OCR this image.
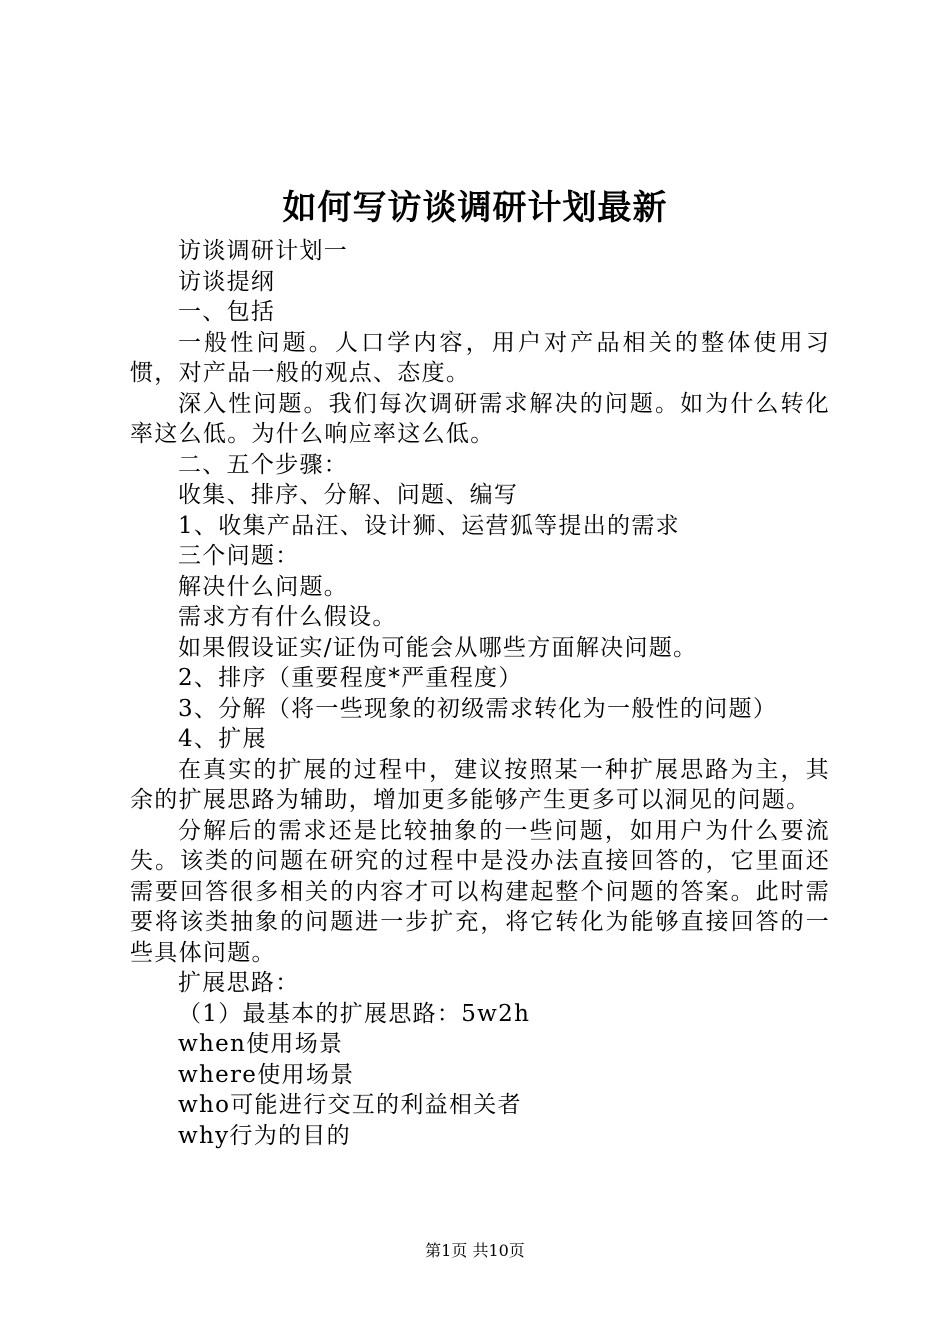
如何写访谈调研计划最新

访谈调研计划一

访谈提纲

一、包括

一般性问题。人口学内容，用户对产品相关的整体使用习惯，对产品一般的观点、态度。

深入性问题。我们每次调研需求解决的问题。如为什么转化率这么低。为什么响应率这么低。

二、五个步骤：

收集、排序、分解、问题、编写

1、收集产品汪、设计狮、运营狐等提出的需求

三个问题：

解决什么问题。

需求方有什么假设。

如果假设证实/证伪可能会从哪些方面解决问题。

2、排序（重要程度*严重程度）

3、分解（将一些现象的初级需求转化为一般性的问题）

4、扩展

在真实的扩展的过程中，建议按照某一种扩展思路为主，其余的扩展思路为辅助，增加更多能够产生更多可以洞见的问题。

分解后的需求还是比较抽象的一些问题，如用户为什么要流失。该类的问题在研究的过程中是没办法直接回答的，它里面还需要回答很多相关的内容才可以构建起整个问题的答案。此时需要将该类抽象的问题进一步扩充，将它转化为能够直接回答的一些具体问题。

扩展思路：

（1）最基本的扩展思路：5w2h

when使用场景

where使用场景

who可能进行交互的利益相关者

why行为的目的

第1页 共10页
